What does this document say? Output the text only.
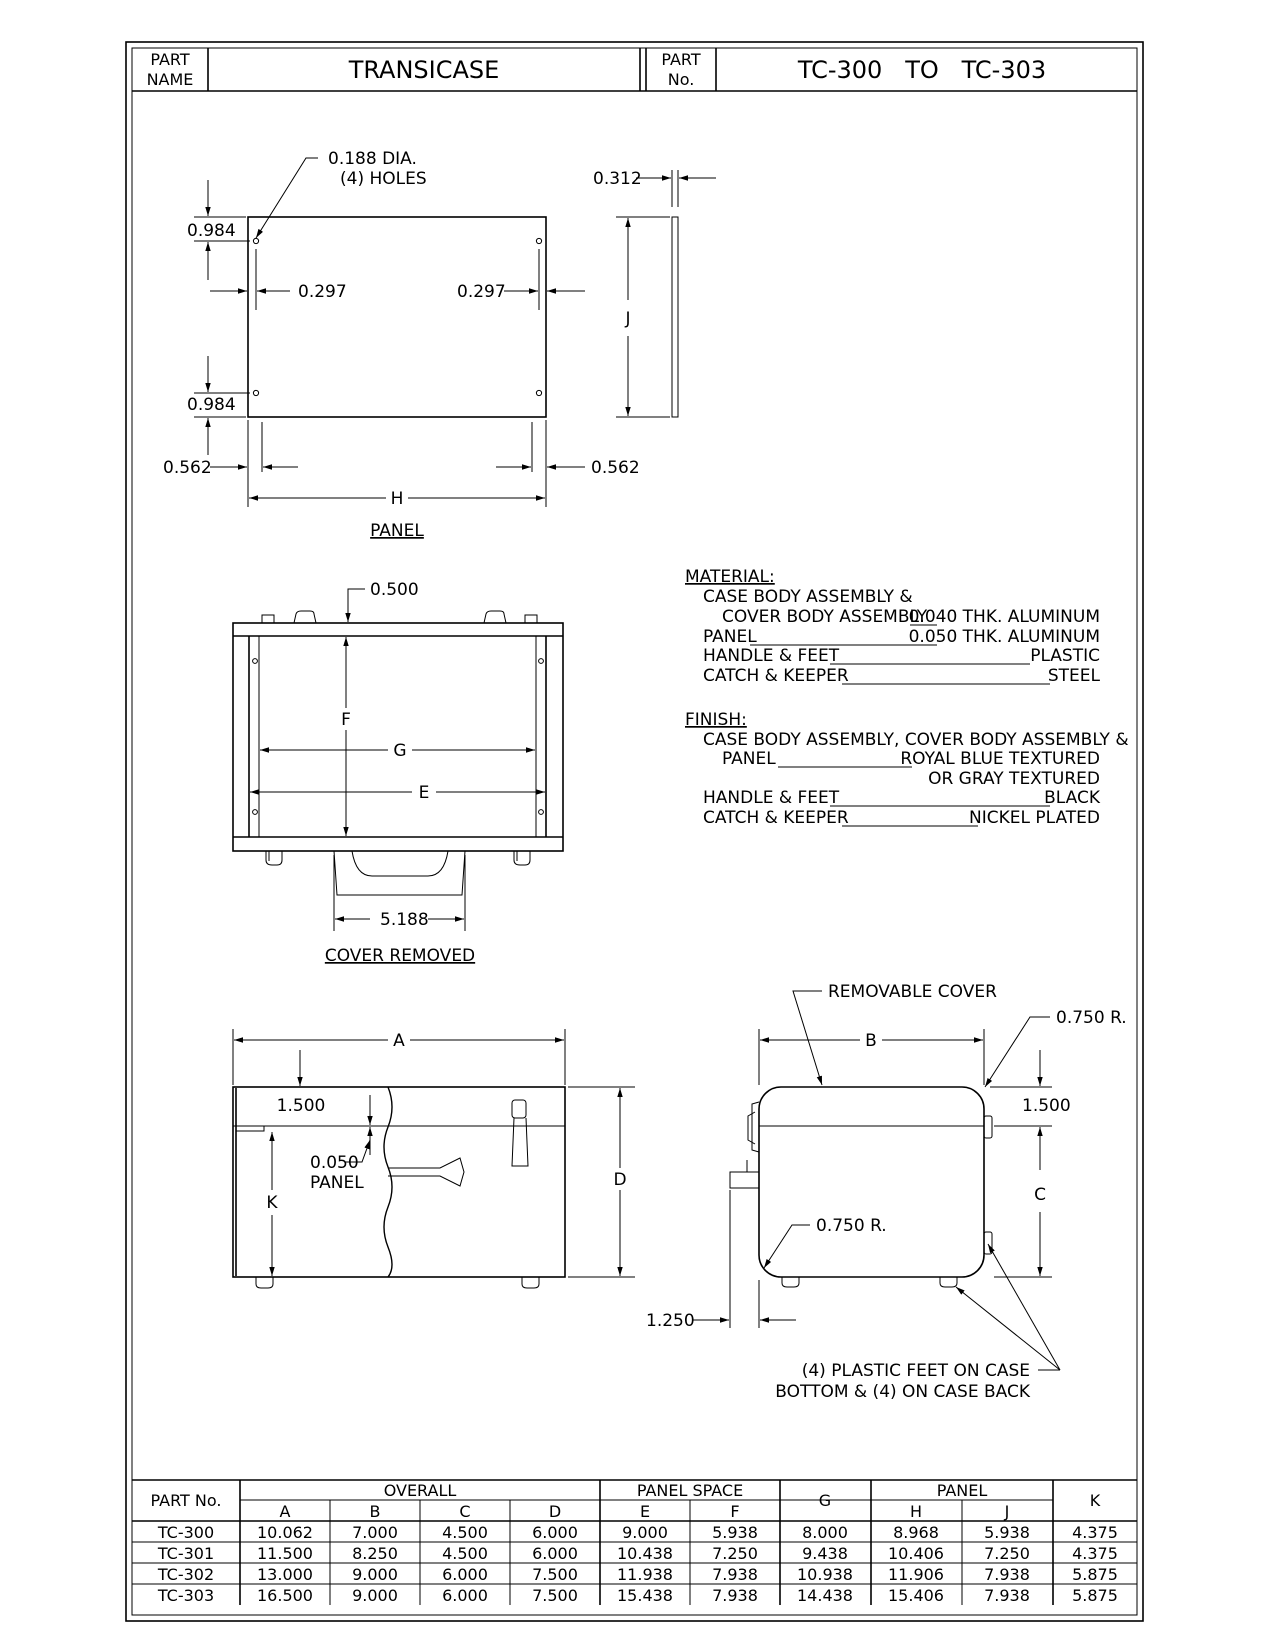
PART
NAME	TRANSICASE	PART
No.	TC-300   TO   TC-303
0.188 DIA.
(4) HOLES
0.984
0.984
0.297	0.297
0.312
J
0.562	0.562
H
PANEL
5.188
0.500
F
G
E
COVER REMOVED
MATERIAL:
CASE BODY ASSEMBLY &
COVER BODY ASSEMBLY
0.040 THK. ALUMINUM
PANEL	0.050 THK. ALUMINUM
HANDLE & FEET	PLASTIC
CATCH & KEEPER	STEEL
FINISH:
CASE BODY ASSEMBLY, COVER BODY ASSEMBLY &
PANEL	ROYAL BLUE TEXTURED
OR GRAY TEXTURED
HANDLE & FEET	BLACK
CATCH & KEEPER	NICKEL PLATED
A
D
1.500
0.050
PANEL
K
B
REMOVABLE COVER
0.750 R.
1.500
C
0.750 R.
1.250
(4) PLASTIC FEET ON CASE
BOTTOM & (4) ON CASE BACK
PART No.
OVERALL	PANEL SPACE
G
PANEL
K
A	B	C	D	E	F	H	J
TC-300	10.062 7.000	4.500	6.000	9.000	5.938	8.000	8.968	5.938	4.375
TC-301	11.500 8.250	4.500	6.000 10.438 7.250	9.438	10.406	7.250	4.375
TC-302	13.000 9.000	6.000	7.500 11.938 7.938 10.938 11.906	7.938	5.875
TC-303	16.500 9.000	6.000	7.500 15.438 7.938 14.438 15.406	7.938	5.875
